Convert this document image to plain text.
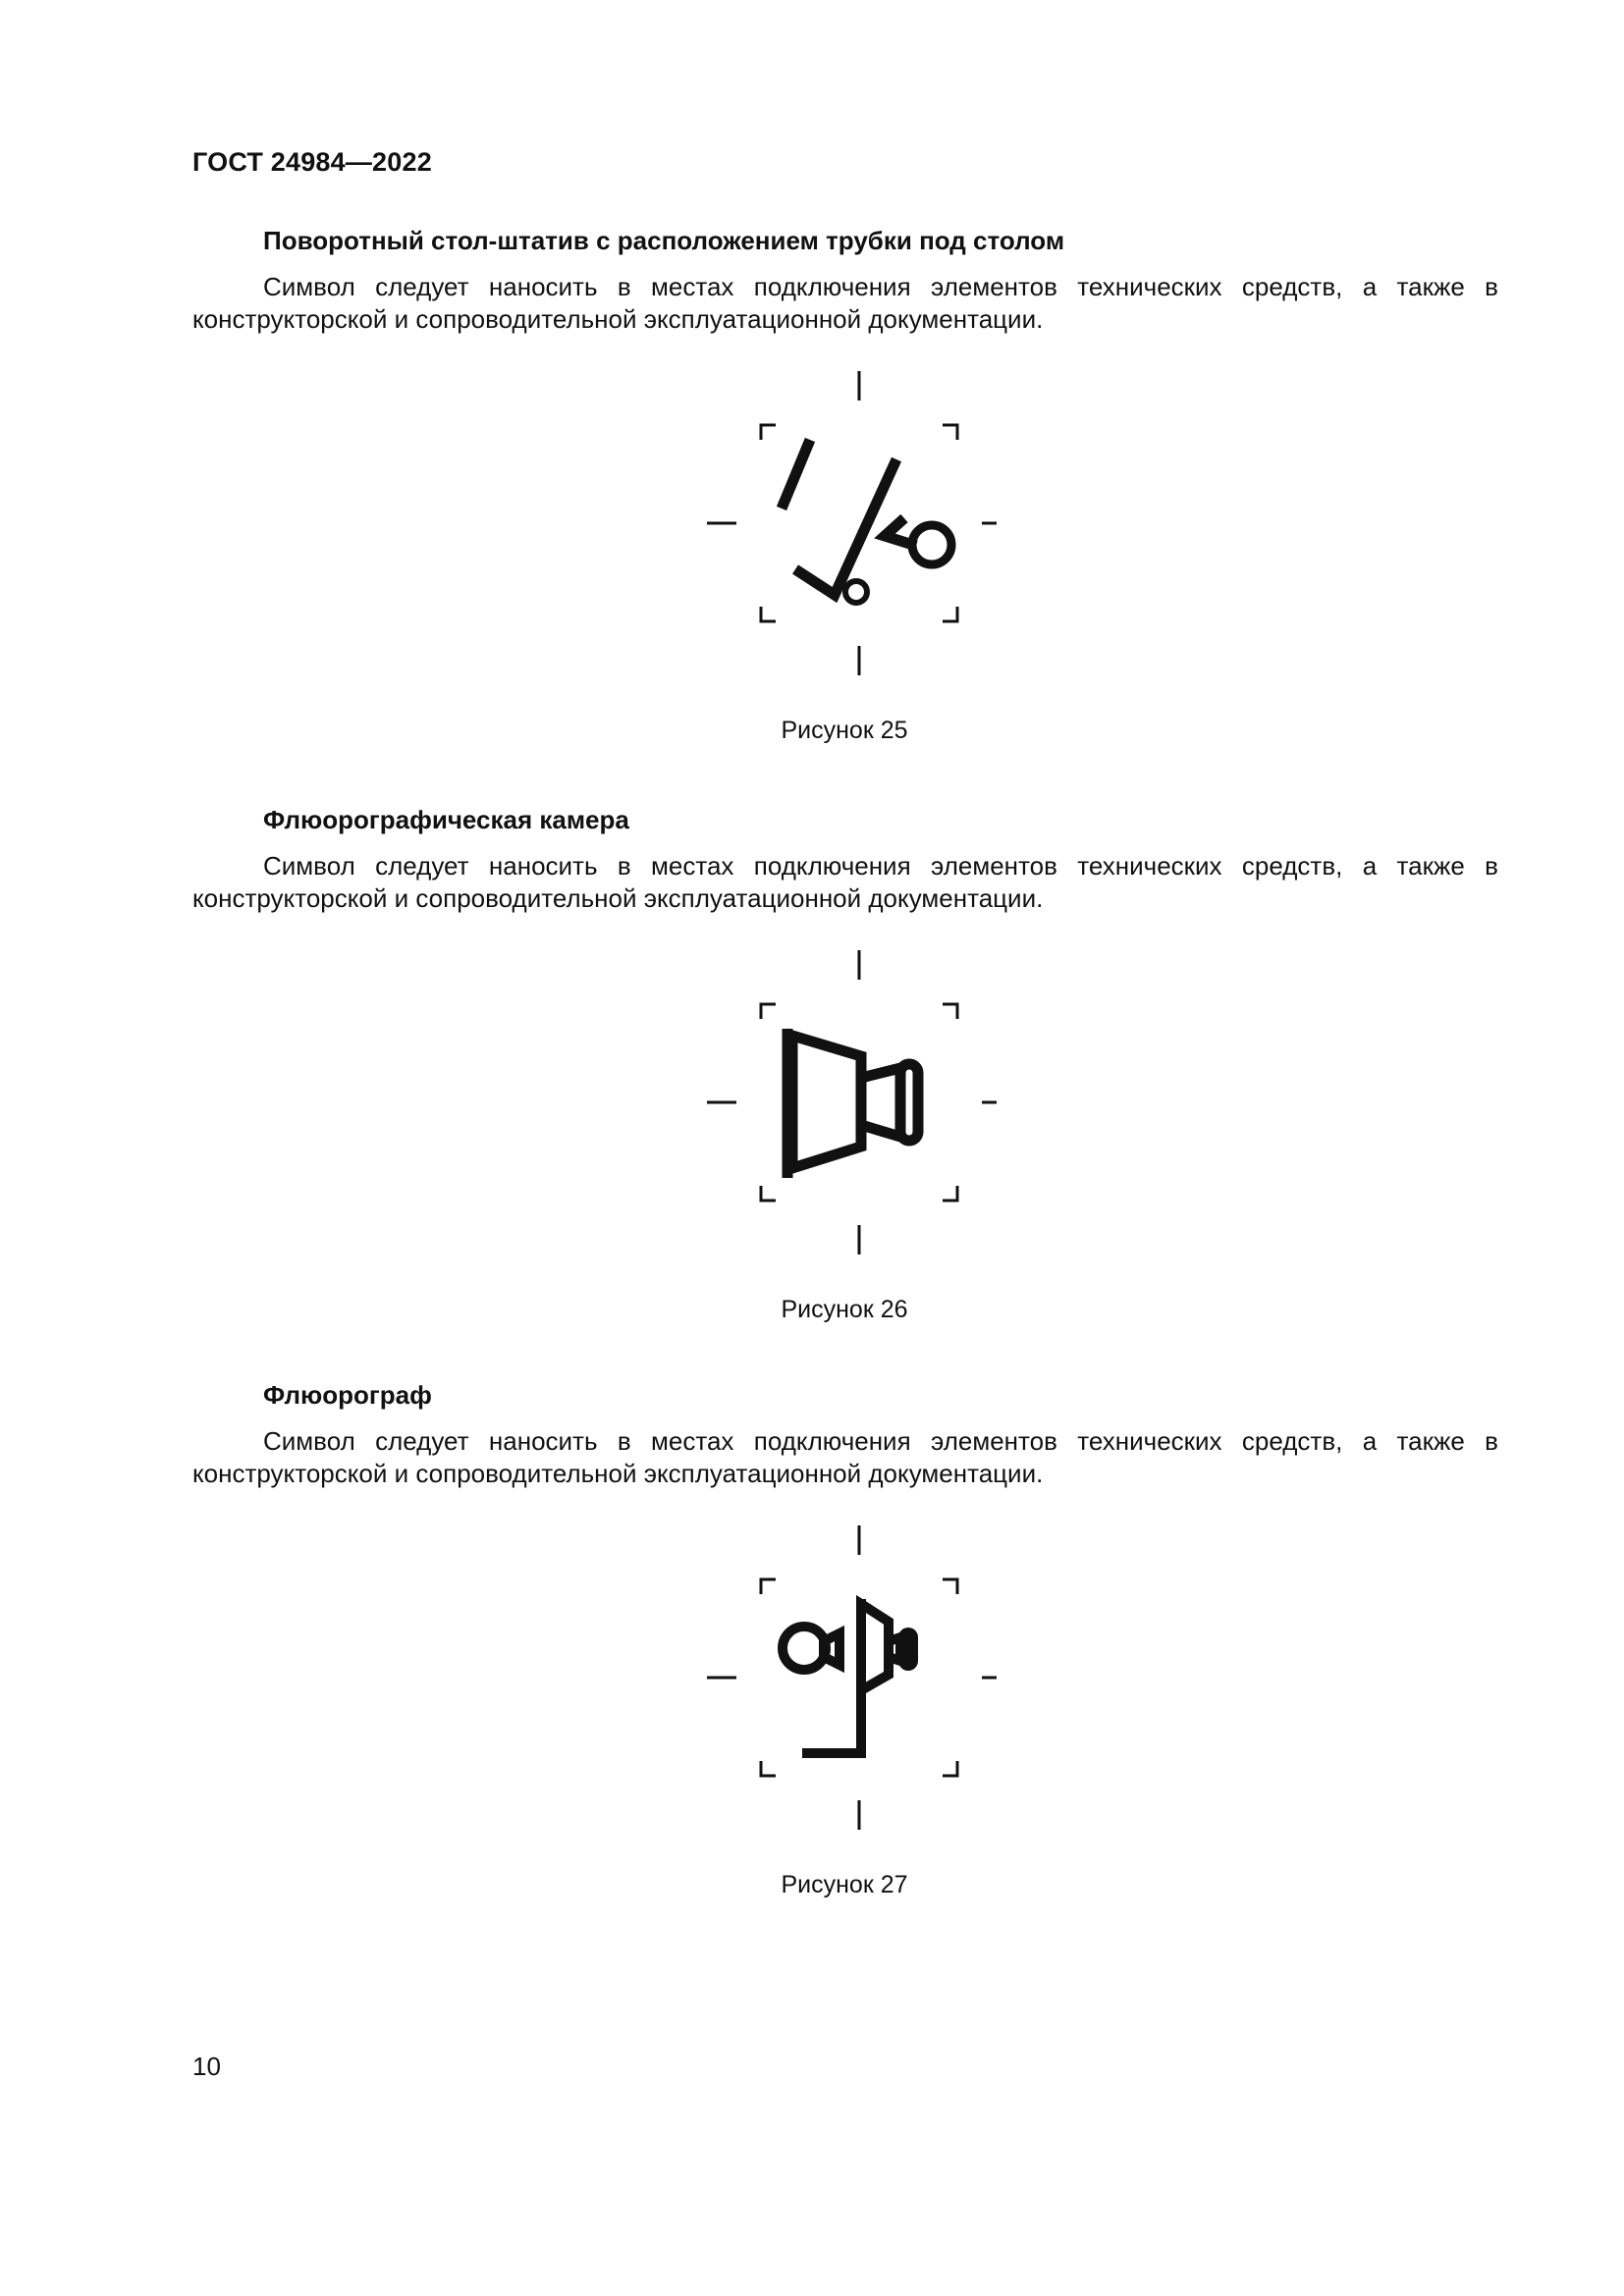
ГОСТ 24984—2022
Поворотный стол-штатив с расположением трубки под столом

Символ следует наносить в местах подключения элементов технических средств, а также в конструкторской и сопроводительной эксплуатационной документации.

Рисунок 25
Флюорографическая камера

Символ следует наносить в местах подключения элементов технических средств, а также в конструкторской и сопроводительной эксплуатационной документации.

Рисунок 26
Флюорограф

Символ следует наносить в местах подключения элементов технических средств, а также в конструкторской и сопроводительной эксплуатационной документации.

Рисунок 27
10
